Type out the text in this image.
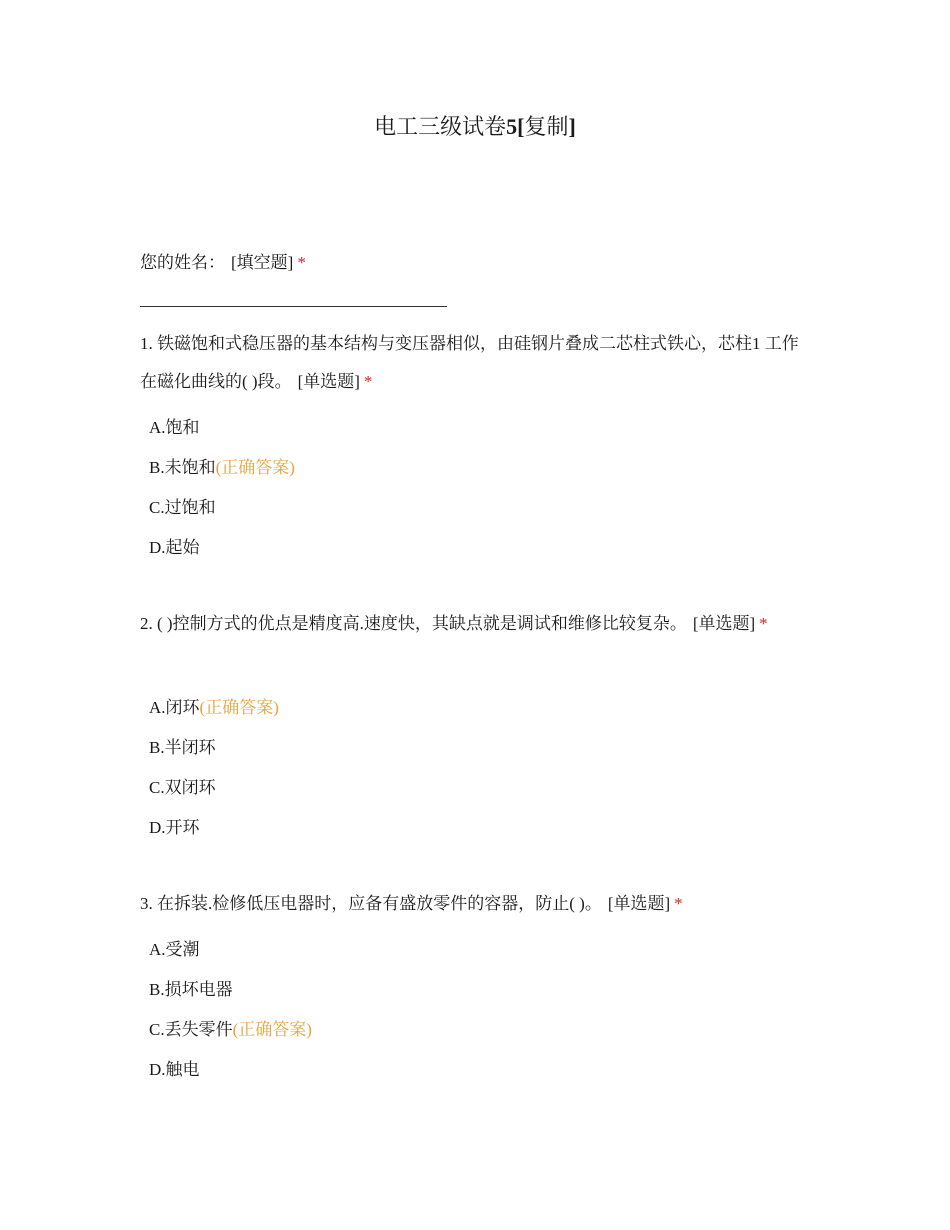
电工三级试卷5[复制]
您的姓名： [填空题] *
1. 铁磁饱和式稳压器的基本结构与变压器相似，由硅钢片叠成二芯柱式铁心，芯柱1 工作在磁化曲线的( )段。 [单选题] *
A.饱和
B.未饱和(正确答案)
C.过饱和
D.起始
2. ( )控制方式的优点是精度高.速度快，其缺点就是调试和维修比较复杂。 [单选题] *
A.闭环(正确答案)
B.半闭环
C.双闭环
D.开环
3. 在拆装.检修低压电器时，应备有盛放零件的容器，防止( )。 [单选题] *
A.受潮
B.损坏电器
C.丢失零件(正确答案)
D.触电
